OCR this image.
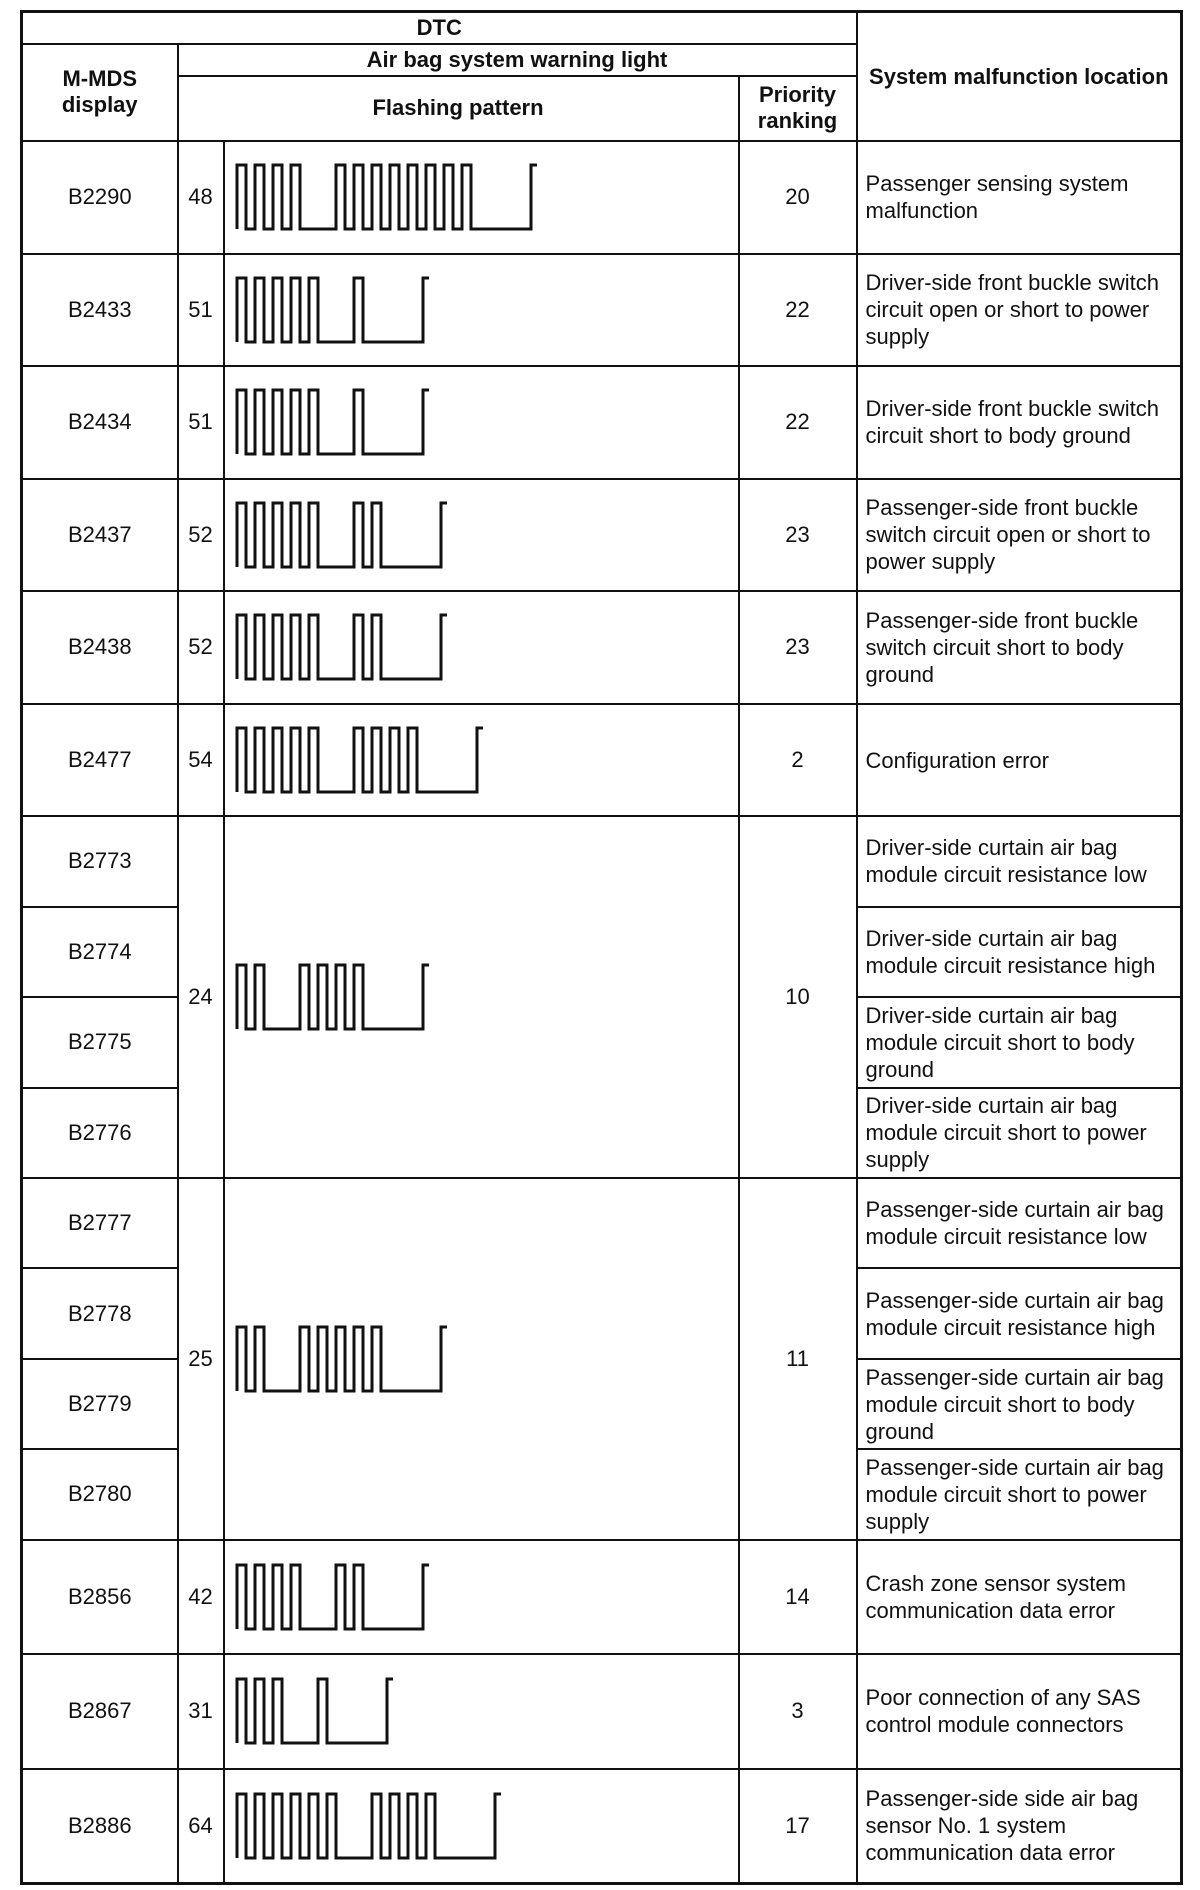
DTC				System malfunction location
M-MDS display	Air bag system warning light			
	Flashing pattern		Priority ranking	
B2290	48		20	Passenger sensing system malfunction
B2433	51		22	Driver-side front buckle switch circuit open or short to power supply
B2434	51		22	Driver-side front buckle switch circuit short to body ground
B2437	52		23	Passenger-side front buckle switch circuit open or short to power supply
B2438	52		23	Passenger-side front buckle switch circuit short to body ground
B2477	54		2	Configuration error
B2773	24		10	Driver-side curtain air bag module circuit resistance low
B2774				Driver-side curtain air bag module circuit resistance high
B2775				Driver-side curtain air bag module circuit short to body ground
B2776				Driver-side curtain air bag module circuit short to power supply
B2777	25		11	Passenger-side curtain air bag module circuit resistance low
B2778				Passenger-side curtain air bag module circuit resistance high
B2779				Passenger-side curtain air bag module circuit short to body ground
B2780				Passenger-side curtain air bag module circuit short to power supply
B2856	42		14	Crash zone sensor system communication data error
B2867	31		3	Poor connection of any SAS control module connectors
B2886	64		17	Passenger-side side air bag sensor No. 1 system communication data error
